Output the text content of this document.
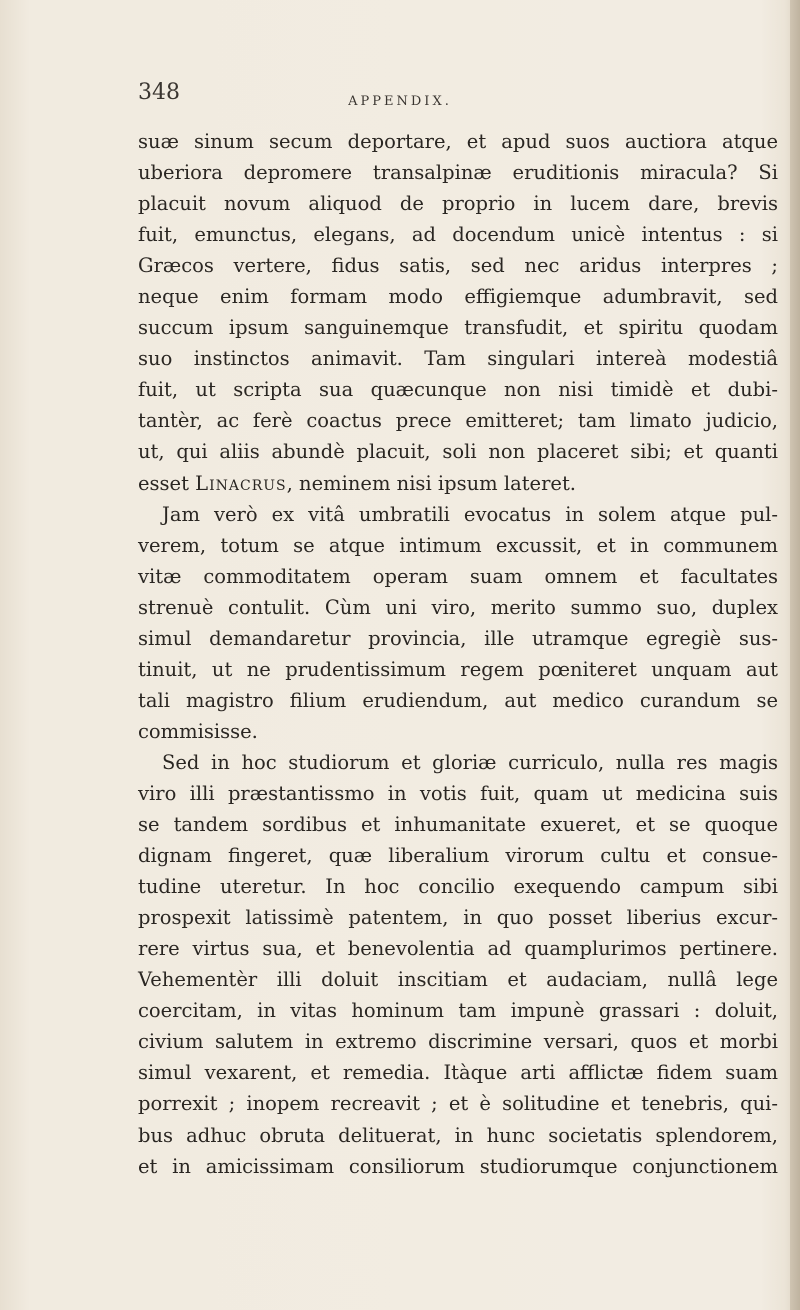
348	APPENDIX.
suæ sinum secum deportare, et apud suos auctiora atque
uberiora depromere transalpinæ eruditionis miracula? Si
placuit novum aliquod de proprio in lucem dare, brevis
fuit, emunctus, elegans, ad docendum unicè intentus : si
Græcos vertere, fidus satis, sed nec aridus interpres ;
neque enim formam modo effigiemque adumbravit, sed
succum ipsum sanguinemque transfudit, et spiritu quodam
suo instinctos animavit. Tam singulari intereà modestiâ
fuit, ut scripta sua quæcunque non nisi timidè et dubi-
tantèr, ac ferè coactus prece emitteret; tam limato judicio,
ut, qui aliis abundè placuit, soli non placeret sibi; et quanti
esset Linacrus, neminem nisi ipsum lateret.
Jam verò ex vitâ umbratili evocatus in solem atque pul-
verem, totum se atque intimum excussit, et in communem
vitæ commoditatem operam suam omnem et facultates
strenuè contulit. Cùm uni viro, merito summo suo, duplex
simul demandaretur provincia, ille utramque egregiè sus-
tinuit, ut ne prudentissimum regem pœniteret unquam aut
tali magistro filium erudiendum, aut medico curandum se
commisisse.
Sed in hoc studiorum et gloriæ curriculo, nulla res magis
viro illi præstantissmo in votis fuit, quam ut medicina suis
se tandem sordibus et inhumanitate exueret, et se quoque
dignam fingeret, quæ liberalium virorum cultu et consue-
tudine uteretur. In hoc concilio exequendo campum sibi
prospexit latissimè patentem, in quo posset liberius excur-
rere virtus sua, et benevolentia ad quamplurimos pertinere.
Vehementèr illi doluit inscitiam et audaciam, nullâ lege
coercitam, in vitas hominum tam impunè grassari : doluit,
civium salutem in extremo discrimine versari, quos et morbi
simul vexarent, et remedia. Itàque arti afflictæ fidem suam
porrexit ; inopem recreavit ; et è solitudine et tenebris, qui-
bus adhuc obruta delituerat, in hunc societatis splendorem,
et in amicissimam consiliorum studiorumque conjunctionem
